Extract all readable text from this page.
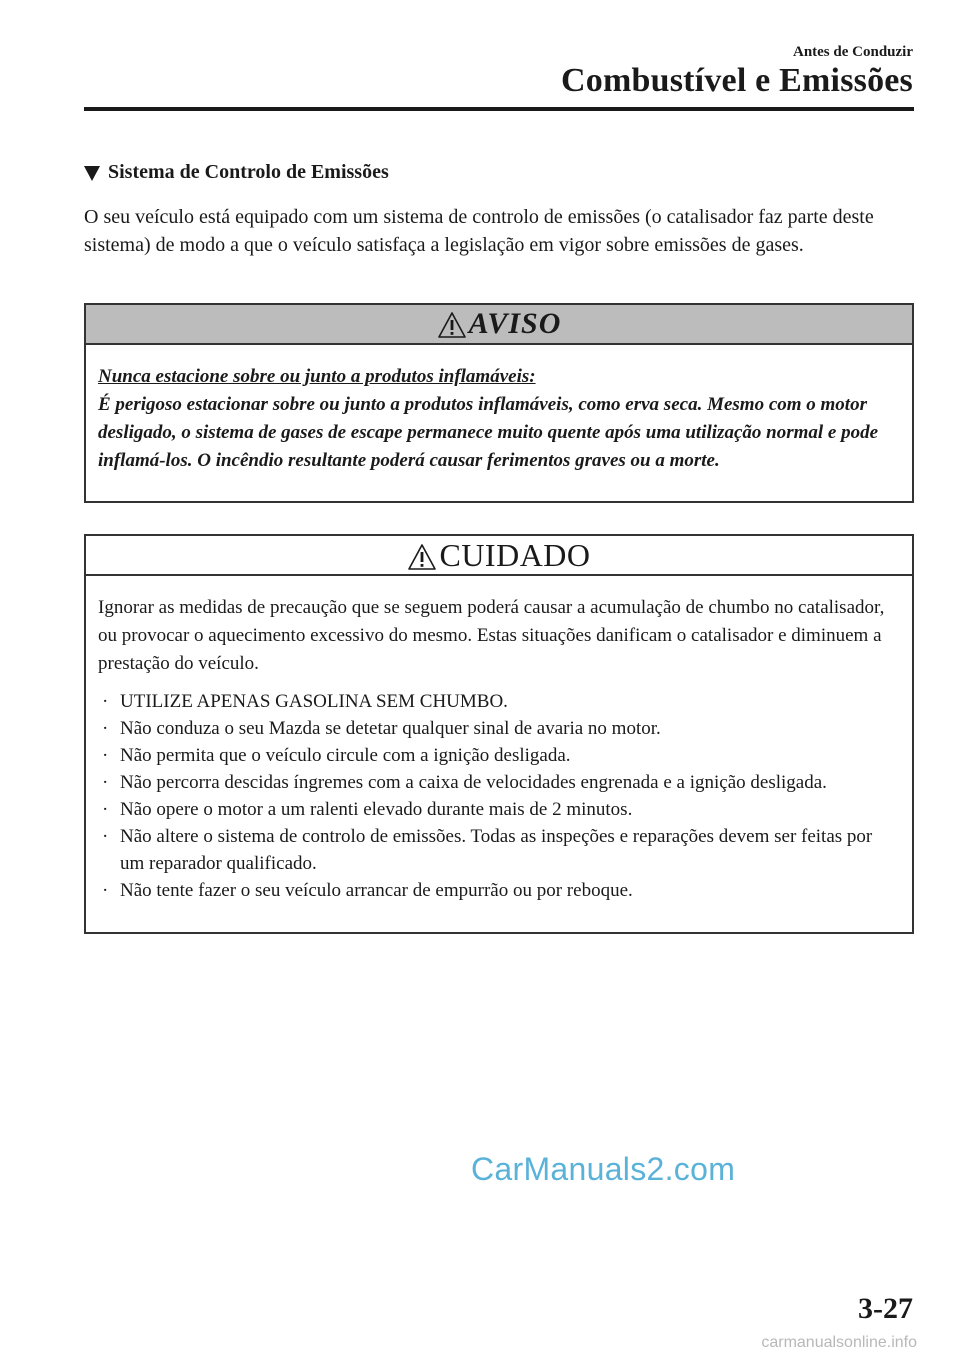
Antes de Conduzir
Combustível e Emissões
Sistema de Controlo de Emissões

O seu veículo está equipado com um sistema de controlo de emissões (o catalisador faz parte deste sistema) de modo a que o veículo satisfaça a legislação em vigor sobre emissões de gases.

AVISO
Nunca estacione sobre ou junto a produtos inflamáveis:

É perigoso estacionar sobre ou junto a produtos inflamáveis, como erva seca. Mesmo com o motor desligado, o sistema de gases de escape permanece muito quente após uma utilização normal e pode inflamá-los. O incêndio resultante poderá causar ferimentos graves ou a morte.

CUIDADO

Ignorar as medidas de precaução que se seguem poderá causar a acumulação de chumbo no catalisador, ou provocar o aquecimento excessivo do mesmo. Estas situações danificam o catalisador e diminuem a prestação do veículo.

· UTILIZE APENAS GASOLINA SEM CHUMBO.
· Não conduza o seu Mazda se detetar qualquer sinal de avaria no motor.
· Não permita que o veículo circule com a ignição desligada.
· Não percorra descidas íngremes com a caixa de velocidades engrenada e a ignição desligada.
· Não opere o motor a um ralenti elevado durante mais de 2 minutos.
· Não altere o sistema de controlo de emissões. Todas as inspeções e reparações devem ser feitas por um reparador qualificado.
· Não tente fazer o seu veículo arrancar de empurrão ou por reboque.
CarManuals2.com
3-27
carmanualsonline.info
